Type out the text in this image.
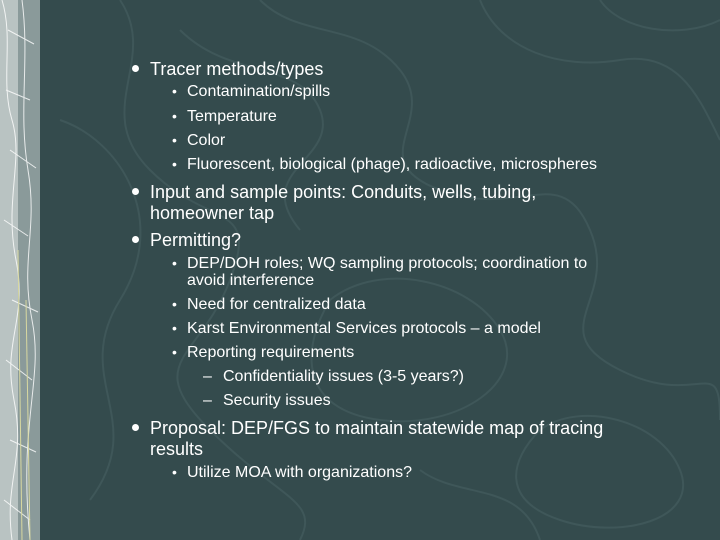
Tracer methods/types
• Contamination/spills
• Temperature
• Color
• Fluorescent, biological (phage), radioactive, microspheres
Input and sample points: Conduits, wells, tubing,
homeowner tap
Permitting?
• DEP/DOH roles; WQ sampling protocols; coordination to
avoid interference
• Need for centralized data
• Karst Environmental Services protocols – a model
• Reporting requirements
– Confidentiality issues (3-5 years?)
– Security issues
Proposal: DEP/FGS to maintain statewide map of tracing
results
• Utilize MOA with organizations?
